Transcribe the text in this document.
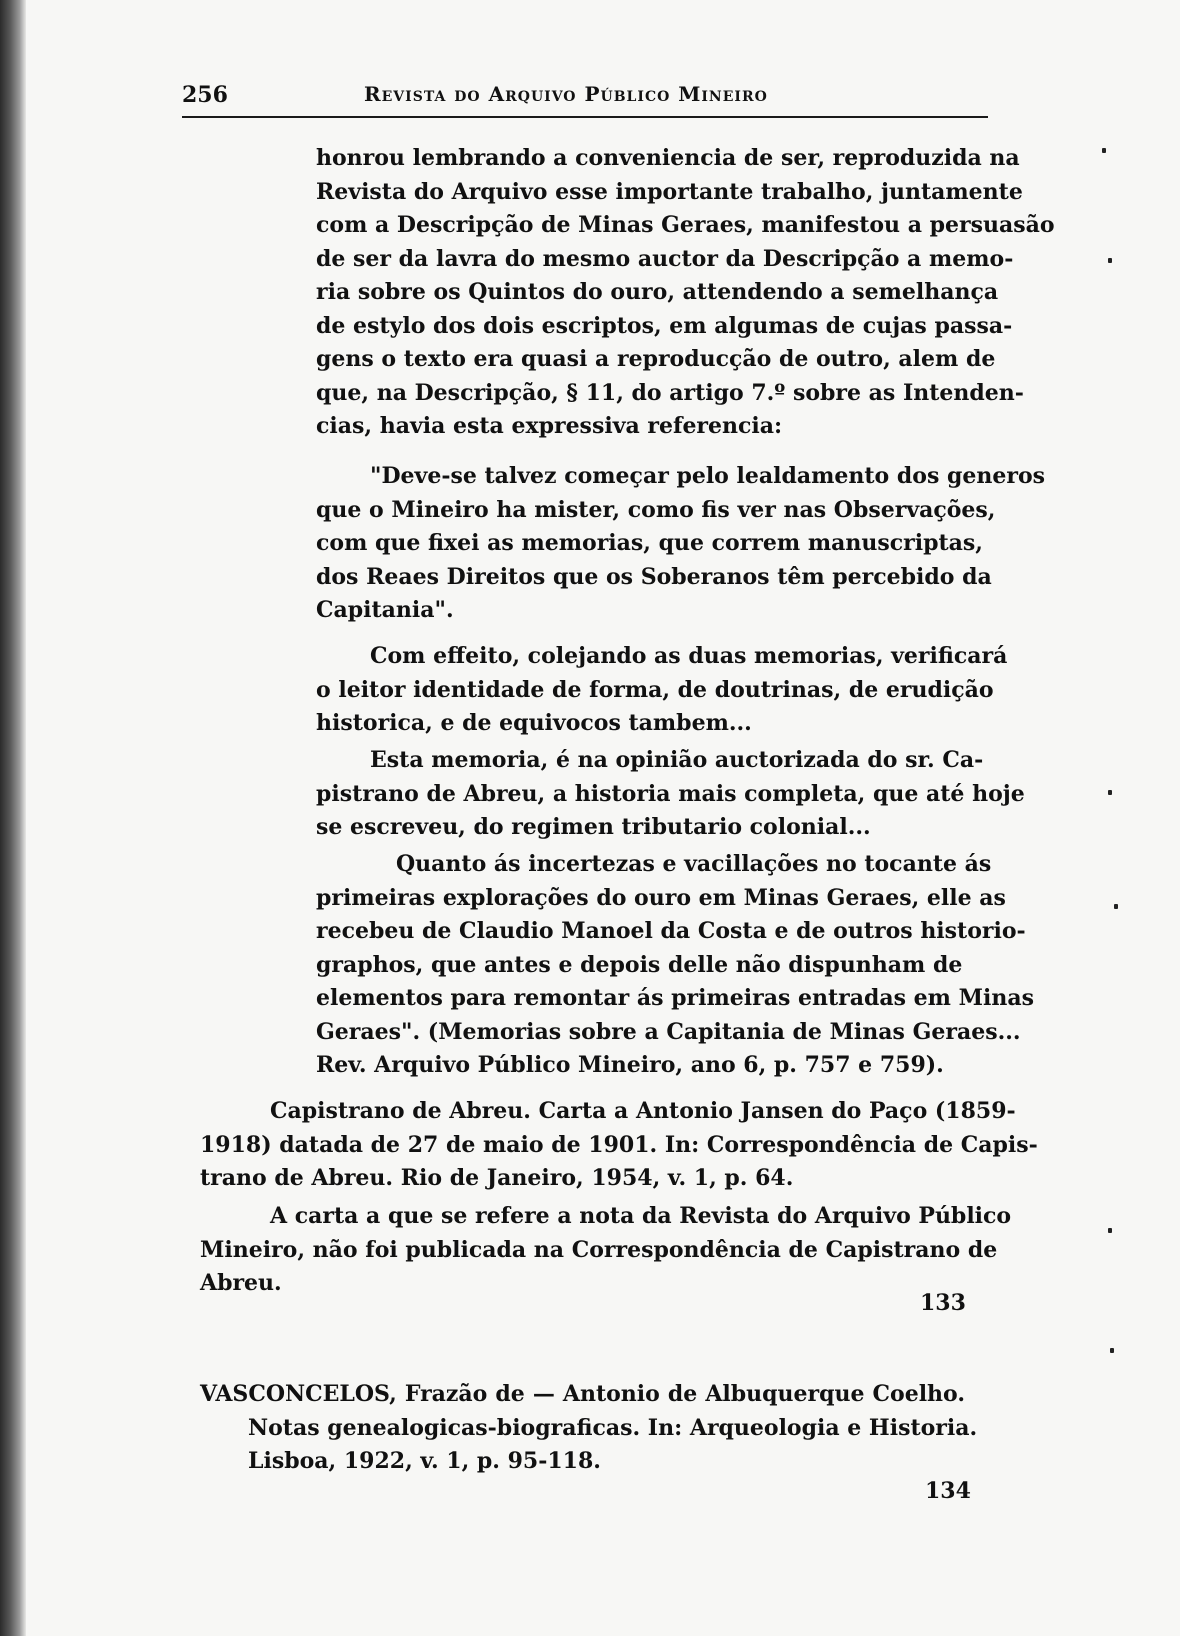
256	Revista do Arquivo Público Mineiro
honrou lembrando a conveniencia de ser, reproduzida na
Revista do Arquivo esse importante trabalho, juntamente
com a Descripção de Minas Geraes, manifestou a persuasão
de ser da lavra do mesmo auctor da Descripção a memo-
ria sobre os Quintos do ouro, attendendo a semelhança
de estylo dos dois escriptos, em algumas de cujas passa-
gens o texto era quasi a reproducção de outro, alem de
que, na Descripção, § 11, do artigo 7.º sobre as Intenden-
cias, havia esta expressiva referencia:
"Deve-se talvez começar pelo lealdamento dos generos
que o Mineiro ha mister, como fis ver nas Observações,
com que fixei as memorias, que correm manuscriptas,
dos Reaes Direitos que os Soberanos têm percebido da
Capitania".
Com effeito, colejando as duas memorias, verificará
o leitor identidade de forma, de doutrinas, de erudição
historica, e de equivocos tambem...
Esta memoria, é na opinião auctorizada do sr. Ca-
pistrano de Abreu, a historia mais completa, que até hoje
se escreveu, do regimen tributario colonial...
Quanto ás incertezas e vacillações no tocante ás
primeiras explorações do ouro em Minas Geraes, elle as
recebeu de Claudio Manoel da Costa e de outros historio-
graphos, que antes e depois delle não dispunham de
elementos para remontar ás primeiras entradas em Minas
Geraes". (Memorias sobre a Capitania de Minas Geraes...
Rev. Arquivo Público Mineiro, ano 6, p. 757 e 759).
Capistrano de Abreu. Carta a Antonio Jansen do Paço (1859-
1918) datada de 27 de maio de 1901. In: Correspondência de Capis-
trano de Abreu. Rio de Janeiro, 1954, v. 1, p. 64.
A carta a que se refere a nota da Revista do Arquivo Público
Mineiro, não foi publicada na Correspondência de Capistrano de
Abreu.
133
VASCONCELOS, Frazão de — Antonio de Albuquerque Coelho.
Notas genealogicas-biograficas. In: Arqueologia e Historia.
Lisboa, 1922, v. 1, p. 95-118.
134
